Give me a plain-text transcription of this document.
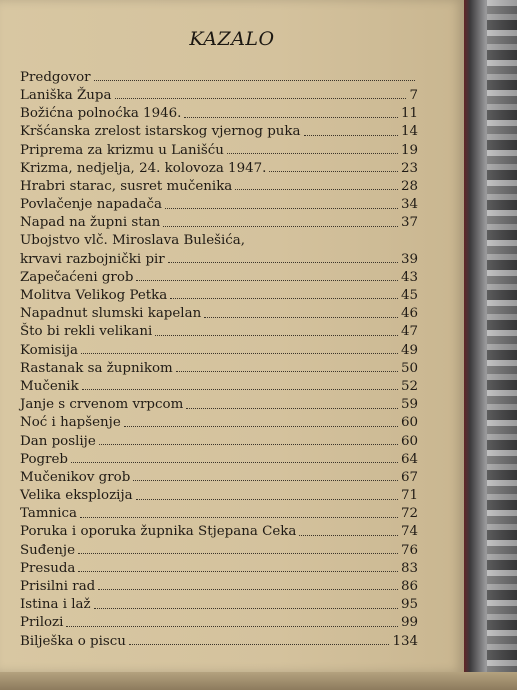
KAZALO
Predgovor
Laniška Župa	7
Božićna polnoćka 1946.	11
Kršćanska zrelost istarskog vjernog puka	14
Priprema za krizmu u Lanišću	19
Krizma, nedjelja, 24. kolovoza 1947.	23
Hrabri starac, susret mučenika	28
Povlačenje napadača	34
Napad na župni stan	37
Ubojstvo vlč. Miroslava Bulešića,
krvavi razbojnički pir	39
Zapečaćeni grob	43
Molitva Velikog Petka	45
Napadnut slumski kapelan	46
Što bi rekli velikani	47
Komisija	49
Rastanak sa župnikom	50
Mučenik	52
Janje s crvenom vrpcom	59
Noć i hapšenje	60
Dan poslije	60
Pogreb	64
Mučenikov grob	67
Velika eksplozija	71
Tamnica	72
Poruka i oporuka župnika Stjepana Ceka	74
Suđenje	76
Presuda	83
Prisilni rad	86
Istina i laž	95
Prilozi	99
Bilješka o piscu	134
